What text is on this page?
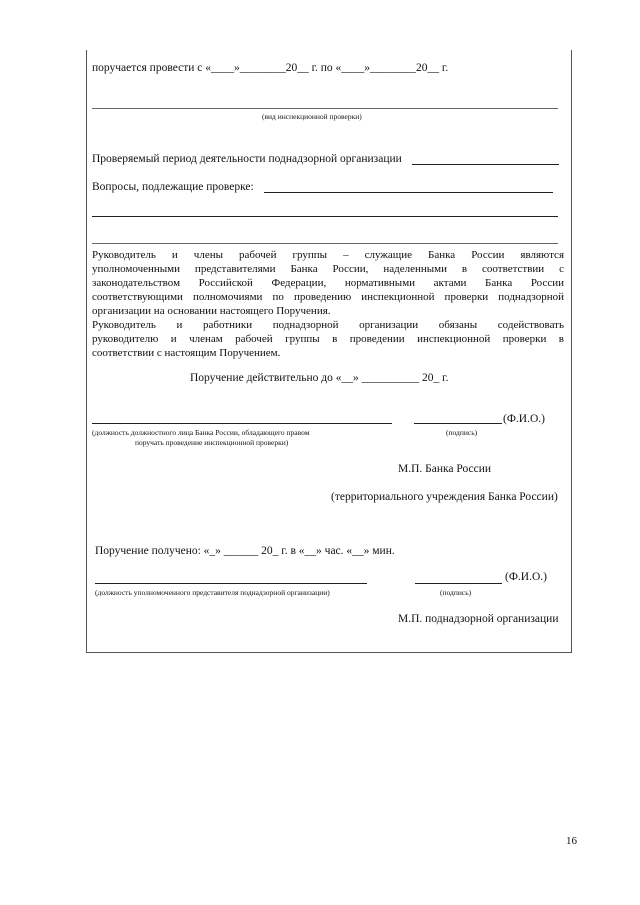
поручается провести с «____»________20__ г. по «____»________20__ г.
(вид инспекционной проверки)
Проверяемый период деятельности поднадзорной организации
Вопросы, подлежащие проверке:
Руководитель и члены рабочей группы – служащие Банка России являются
уполномоченными представителями Банка России, наделенными в соответствии с
законодательством Российской Федерации, нормативными актами Банка России
соответствующими полномочиями по проведению инспекционной проверки поднадзорной
организации на основании настоящего Поручения.
Руководитель и работники поднадзорной организации обязаны содействовать
руководителю и членам рабочей группы в проведении инспекционной проверки в
соответствии с настоящим Поручением.
Поручение действительно до «__» __________ 20_ г.
(Ф.И.О.)
(должность должностного лица Банка России, обладающего правом
поручать проведение инспекционной проверки)
(подпись)
М.П. Банка России
(территориального учреждения Банка России)
Поручение получено: «_» ______ 20_ г. в «__» час. «__» мин.
(Ф.И.О.)
(должность уполномоченного представителя поднадзорной организации)	(подпись)
М.П. поднадзорной организации
16
